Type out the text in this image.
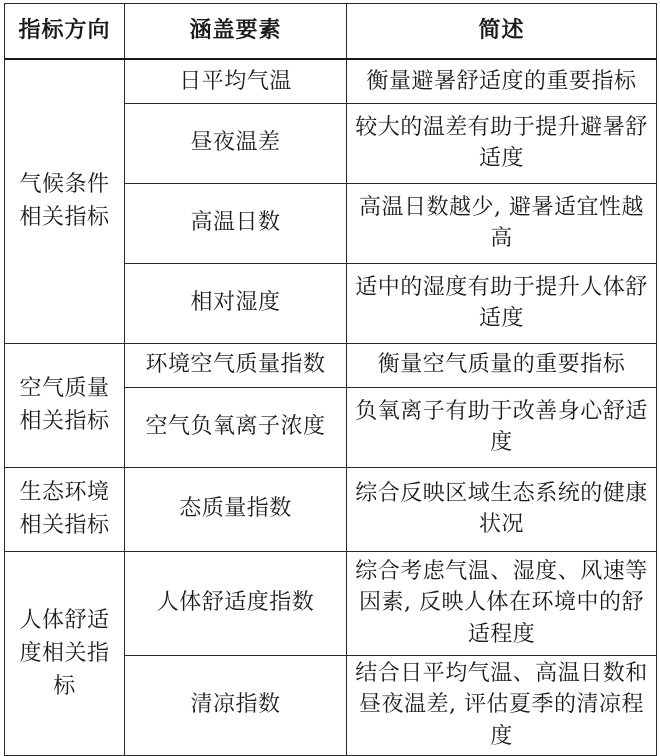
指标方向	涵盖要素	简述
气候条件相关指标	日平均气温	衡量避暑舒适度的重要指标
	昼夜温差	较大的温差有助于提升避暑舒适度
	高温日数	高温日数越少, 避暑适宜性越高
	相对湿度	适中的湿度有助于提升人体舒适度
空气质量相关指标	环境空气质量指数	衡量空气质量的重要指标
	空气负氧离子浓度	负氧离子有助于改善身心舒适度
生态环境相关指标	态质量指数	综合反映区域生态系统的健康状况
人体舒适度相关指标	人体舒适度指数	综合考虑气温、湿度、风速等因素, 反映人体在环境中的舒适程度
	清凉指数	结合日平均气温、高温日数和昼夜温差, 评估夏季的清凉程度
